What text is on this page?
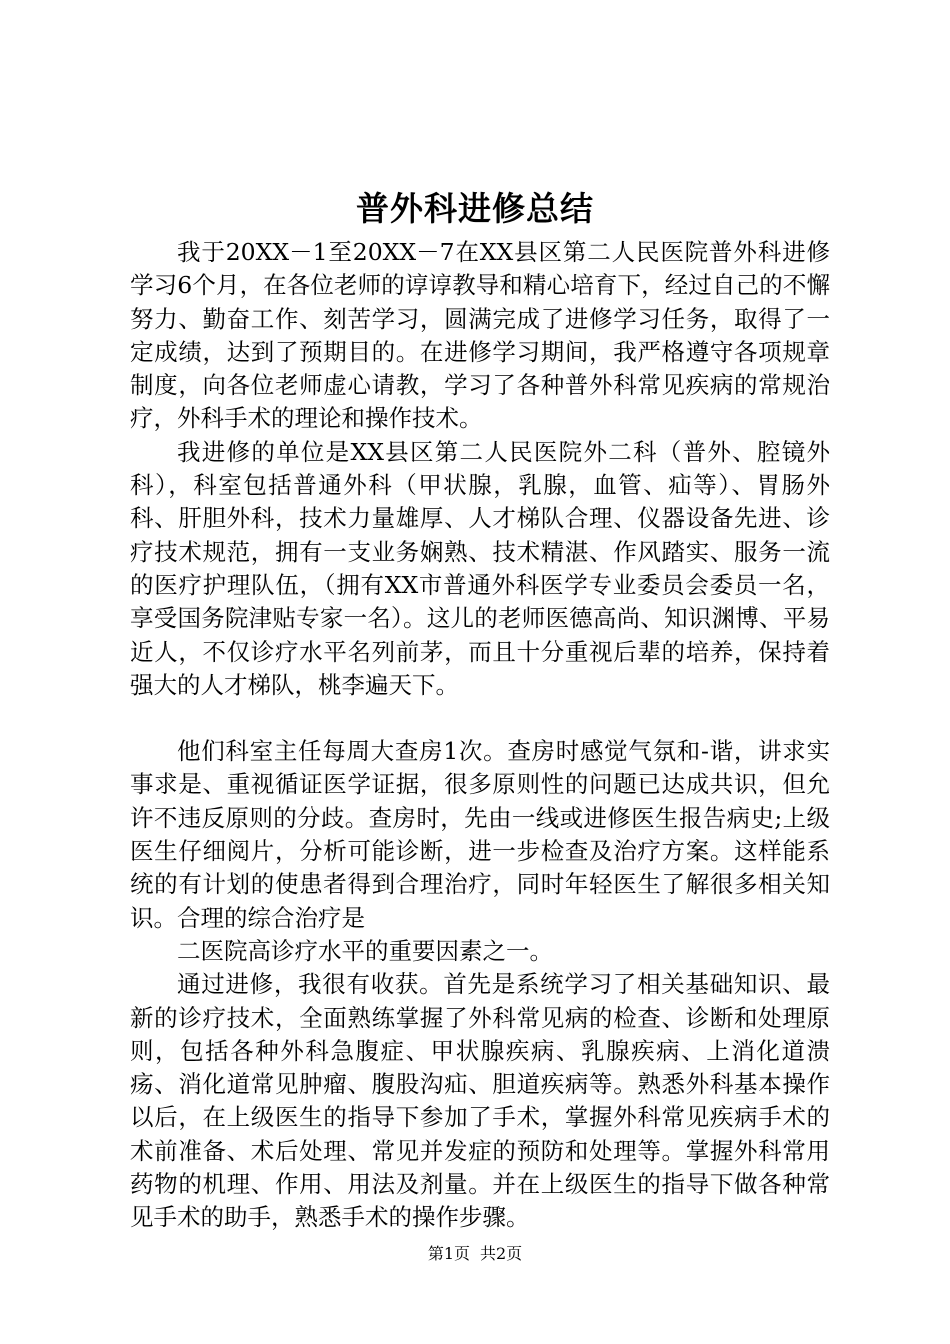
普外科进修总结

我于20XX－1至20XX－7在XX县区第二人民医院普外科进修学习6个月，在各位老师的谆谆教导和精心培育下，经过自己的不懈努力、勤奋工作、刻苦学习，圆满完成了进修学习任务，取得了一定成绩，达到了预期目的。在进修学习期间，我严格遵守各项规章制度，向各位老师虚心请教，学习了各种普外科常见疾病的常规治疗，外科手术的理论和操作技术。

我进修的单位是XX县区第二人民医院外二科（普外、腔镜外科），科室包括普通外科（甲状腺，乳腺，血管、疝等）、胃肠外科、肝胆外科，技术力量雄厚、人才梯队合理、仪器设备先进、诊疗技术规范，拥有一支业务娴熟、技术精湛、作风踏实、服务一流的医疗护理队伍，（拥有XX市普通外科医学专业委员会委员一名，享受国务院津贴专家一名）。这儿的老师医德高尚、知识渊博、平易近人，不仅诊疗水平名列前茅，而且十分重视后辈的培养，保持着强大的人才梯队，桃李遍天下。

他们科室主任每周大查房1次。查房时感觉气氛和-谐，讲求实事求是、重视循证医学证据，很多原则性的问题已达成共识，但允许不违反原则的分歧。查房时，先由一线或进修医生报告病史;上级医生仔细阅片，分析可能诊断，进一步检查及治疗方案。这样能系统的有计划的使患者得到合理治疗，同时年轻医生了解很多相关知识。合理的综合治疗是

二医院高诊疗水平的重要因素之一。

通过进修，我很有收获。首先是系统学习了相关基础知识、最新的诊疗技术，全面熟练掌握了外科常见病的检查、诊断和处理原则，包括各种外科急腹症、甲状腺疾病、乳腺疾病、上消化道溃疡、消化道常见肿瘤、腹股沟疝、胆道疾病等。熟悉外科基本操作以后，在上级医生的指导下参加了手术，掌握外科常见疾病手术的术前准备、术后处理、常见并发症的预防和处理等。掌握外科常用药物的机理、作用、用法及剂量。并在上级医生的指导下做各种常见手术的助手，熟悉手术的操作步骤。

第1页 共2页
